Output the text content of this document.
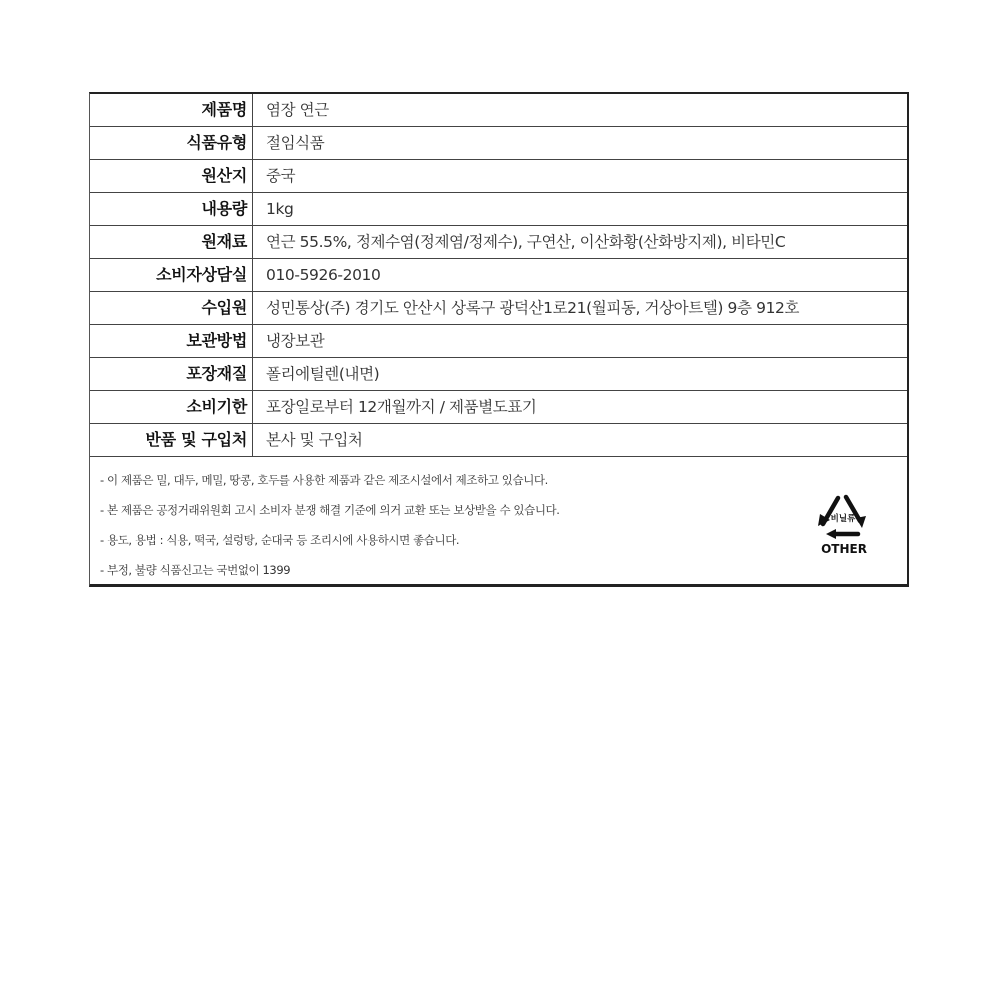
제품명	염장 연근
식품유형	절임식품
원산지	중국
내용량	1kg
원재료	연근 55.5%, 정제수염(정제염/정제수), 구연산, 이산화황(산화방지제), 비타민C
소비자상담실	010-5926-2010
수입원	성민통상(주) 경기도 안산시 상록구 광덕산1로21(월피동, 거상아트텔) 9층 912호
보관방법	냉장보관
포장재질	폴리에틸렌(내면)
소비기한	포장일로부터 12개월까지 / 제품별도표기
반품 및 구입처	본사 및 구입처
- 이 제품은 밀, 대두, 메밀, 땅콩, 호두를 사용한 제품과 같은 제조시설에서 제조하고 있습니다.
- 본 제품은 공정거래위원회 고시 소비자 분쟁 해결 기준에 의거 교환 또는 보상받을 수 있습니다.
- 용도, 용법 : 식용, 떡국, 설렁탕, 순대국 등 조리시에 사용하시면 좋습니다.
- 부정, 불량 식품신고는 국번없이 1399
비닐류
OTHER
